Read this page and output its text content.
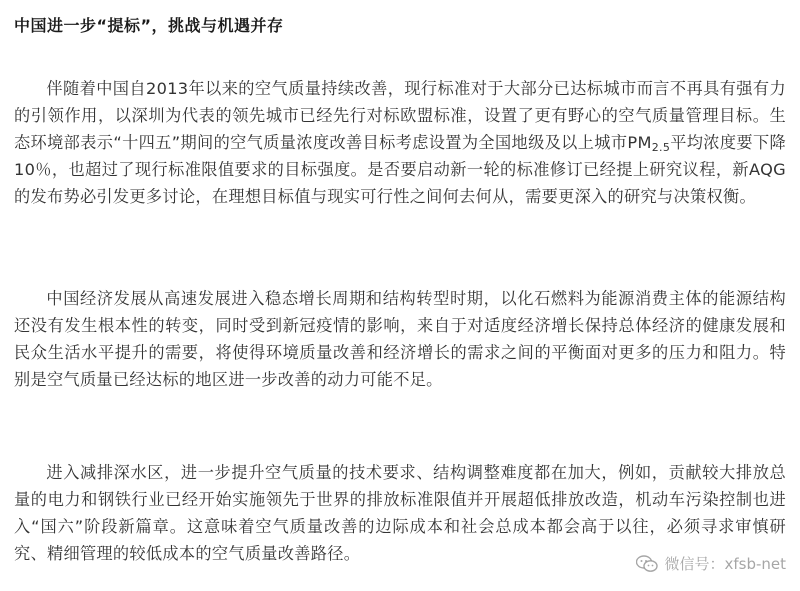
中国进一步“提标”，挑战与机遇并存

伴随着中国自2013年以来的空气质量持续改善，现行标准对于大部分已达标城市而言不再具有强有力的引领作用，以深圳为代表的领先城市已经先行对标欧盟标准，设置了更有野心的空气质量管理目标。生态环境部表示“十四五”期间的空气质量浓度改善目标考虑设置为全国地级及以上城市$PM_{2.5}$平均浓度要下降10％，也超过了现行标准限值要求的目标强度。是否要启动新一轮的标准修订已经提上研究议程，新AQG的发布势必引发更多讨论，在理想目标值与现实可行性之间何去何从，需要更深入的研究与决策权衡。

中国经济发展从高速发展进入稳态增长周期和结构转型时期，以化石燃料为能源消费主体的能源结构还没有发生根本性的转变，同时受到新冠疫情的影响，来自于对适度经济增长保持总体经济的健康发展和民众生活水平提升的需要，将使得环境质量改善和经济增长的需求之间的平衡面对更多的压力和阻力。特别是空气质量已经达标的地区进一步改善的动力可能不足。

进入减排深水区，进一步提升空气质量的技术要求、结构调整难度都在加大，例如，贡献较大排放总量的电力和钢铁行业已经开始实施领先于世界的排放标准限值并开展超低排放改造，机动车污染控制也进入“国六”阶段新篇章。这意味着空气质量改善的边际成本和社会总成本都会高于以往，必须寻求审慎研究、精细管理的较低成本的空气质量改善路径。

微信号：xfsb-net
